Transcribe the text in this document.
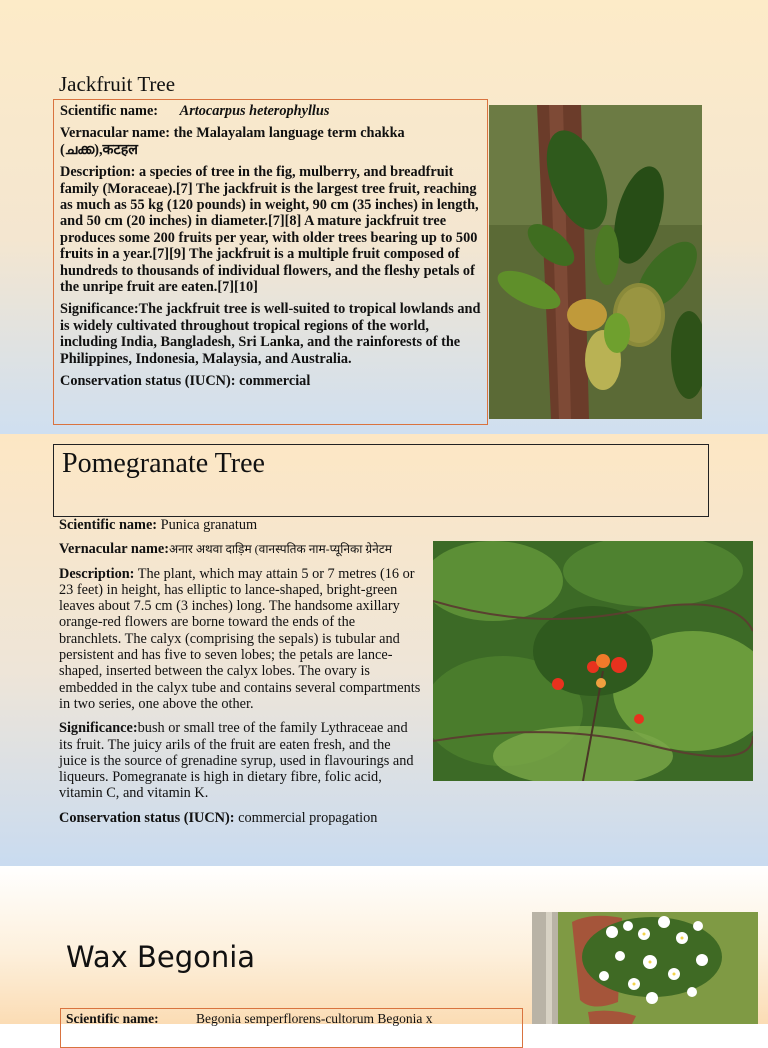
Jackfruit Tree

Scientific name: Artocarpus heterophyllus

Vernacular name: the Malayalam language term chakka (ചക്ക),कटहल

Description: a species of tree in the fig, mulberry, and breadfruit family (Moraceae).[7] The jackfruit is the largest tree fruit, reaching as much as 55 kg (120 pounds) in weight, 90 cm (35 inches) in length, and 50 cm (20 inches) in diameter.[7][8] A mature jackfruit tree produces some 200 fruits per year, with older trees bearing up to 500 fruits in a year.[7][9] The jackfruit is a multiple fruit composed of hundreds to thousands of individual flowers, and the fleshy petals of the unripe fruit are eaten.[7][10]

Significance:The jackfruit tree is well-suited to tropical lowlands and is widely cultivated throughout tropical regions of the world, including India, Bangladesh, Sri Lanka, and the rainforests of the Philippines, Indonesia, Malaysia, and Australia.

Conservation status (IUCN): commercial

Pomegranate Tree

Scientific name: Punica granatum

Vernacular name:अनार अथवा दाड़िम (वानस्पतिक नाम-प्यूनिका ग्रेनेटम

Description: The plant, which may attain 5 or 7 metres (16 or 23 feet) in height, has elliptic to lance-shaped, bright-green leaves about 7.5 cm (3 inches) long. The handsome axillary orange-red flowers are borne toward the ends of the branchlets. The calyx (comprising the sepals) is tubular and persistent and has five to seven lobes; the petals are lance-shaped, inserted between the calyx lobes. The ovary is embedded in the calyx tube and contains several compartments in two series, one above the other.

Significance:bush or small tree of the family Lythraceae and its fruit. The juicy arils of the fruit are eaten fresh, and the juice is the source of grenadine syrup, used in flavourings and liqueurs. Pomegranate is high in dietary fibre, folic acid, vitamin C, and vitamin K.

Conservation status (IUCN): commercial propagation

Wax Begonia
Scientific name:	Begonia semperflorens-cultorum Begonia x
